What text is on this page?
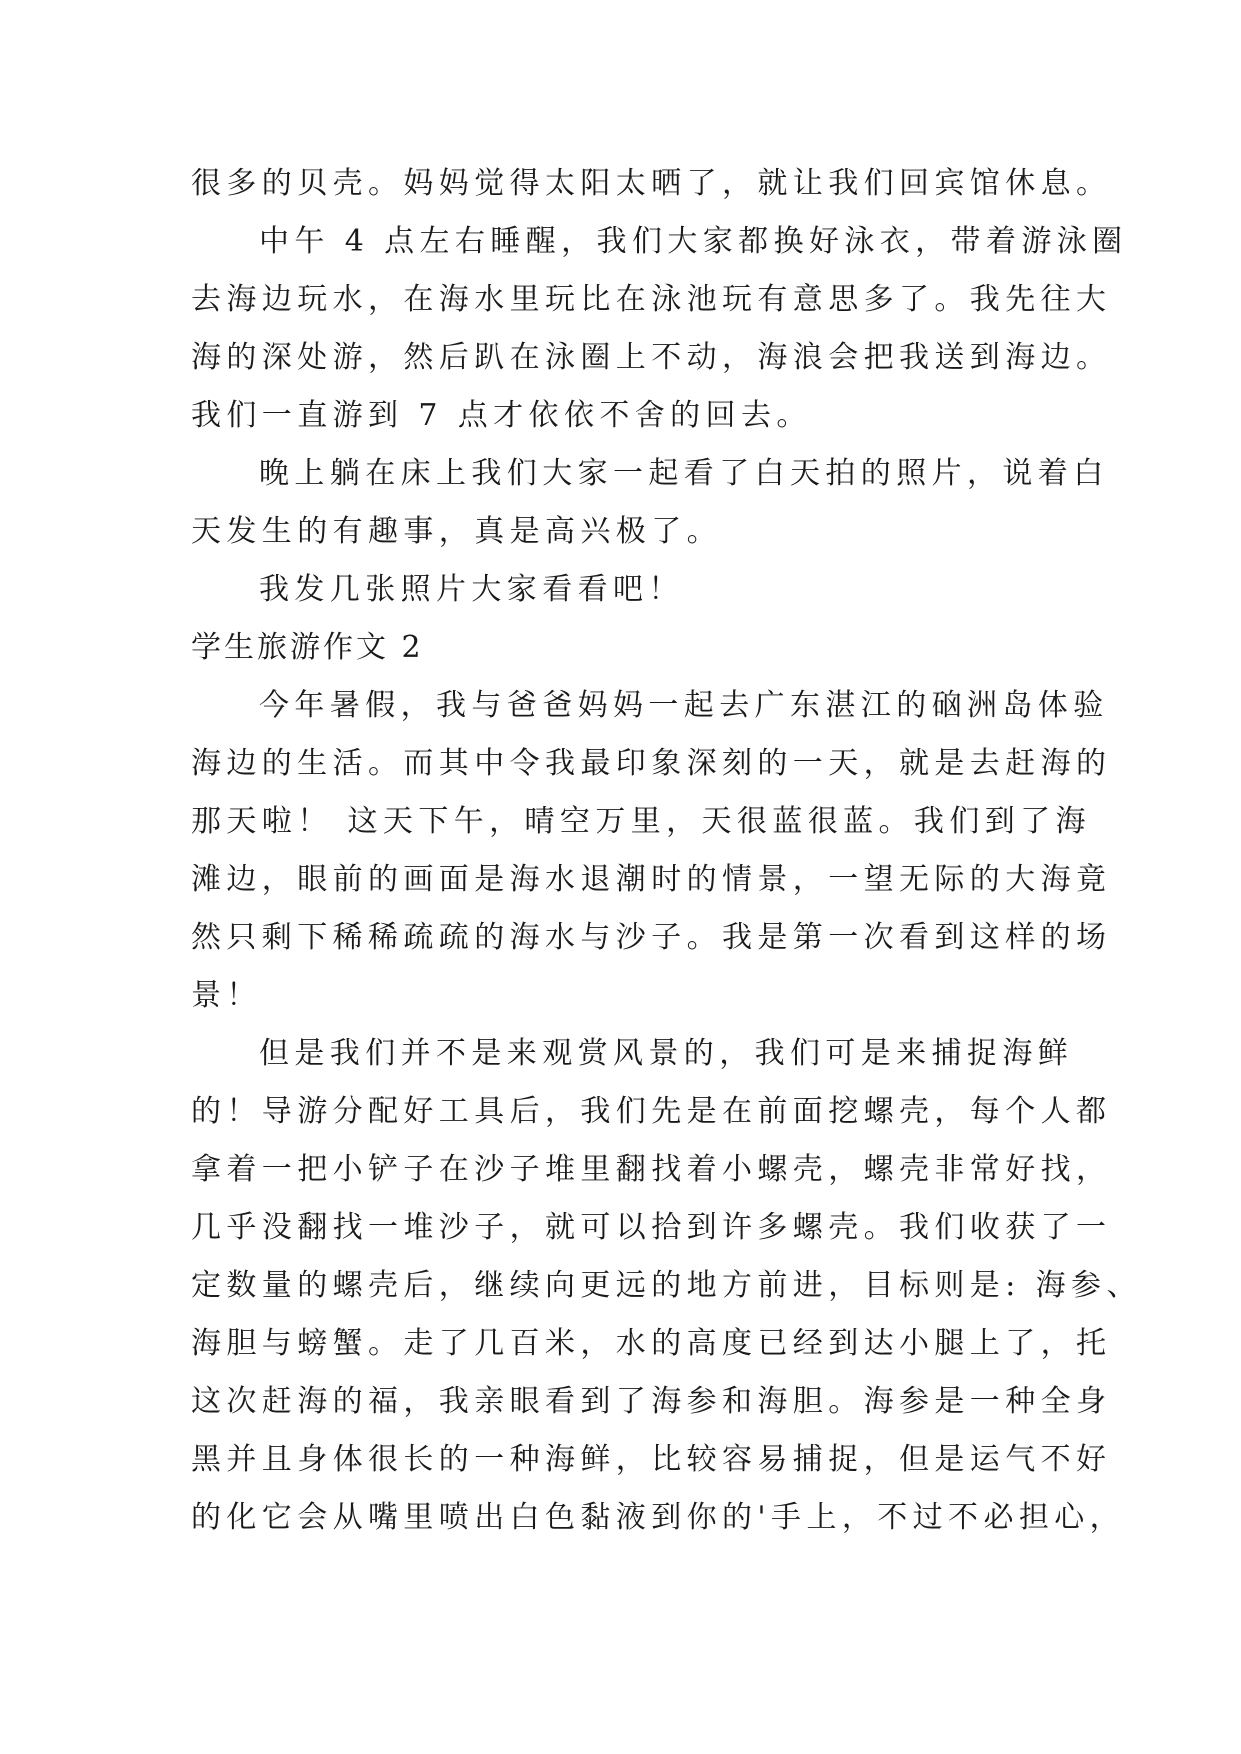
很多的贝壳。妈妈觉得太阳太晒了，就让我们回宾馆休息。
中午 4 点左右睡醒，我们大家都换好泳衣，带着游泳圈
去海边玩水，在海水里玩比在泳池玩有意思多了。我先往大
海的深处游，然后趴在泳圈上不动，海浪会把我送到海边。
我们一直游到 7 点才依依不舍的回去。
晚上躺在床上我们大家一起看了白天拍的照片，说着白
天发生的有趣事，真是高兴极了。
我发几张照片大家看看吧！
学生旅游作文 2
今年暑假，我与爸爸妈妈一起去广东湛江的硇洲岛体验
海边的生活。而其中令我最印象深刻的一天，就是去赶海的
那天啦！ 这天下午，晴空万里，天很蓝很蓝。我们到了海
滩边，眼前的画面是海水退潮时的情景，一望无际的大海竟
然只剩下稀稀疏疏的海水与沙子。我是第一次看到这样的场
景！
但是我们并不是来观赏风景的，我们可是来捕捉海鲜
的！导游分配好工具后，我们先是在前面挖螺壳，每个人都
拿着一把小铲子在沙子堆里翻找着小螺壳，螺壳非常好找，
几乎没翻找一堆沙子，就可以拾到许多螺壳。我们收获了一
定数量的螺壳后，继续向更远的地方前进，目标则是: 海参、
海胆与螃蟹。走了几百米，水的高度已经到达小腿上了，托
这次赶海的福，我亲眼看到了海参和海胆。海参是一种全身
黑并且身体很长的一种海鲜，比较容易捕捉，但是运气不好
的化它会从嘴里喷出白色黏液到你的'手上，不过不必担心，
